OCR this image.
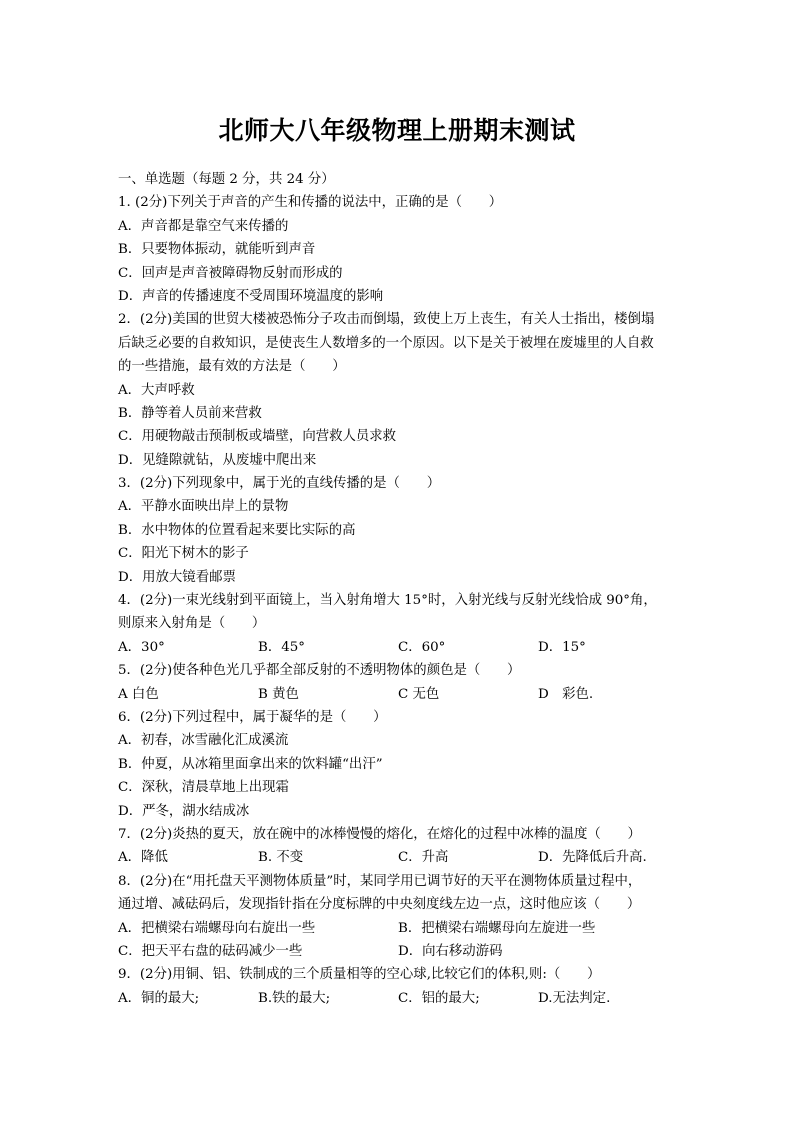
北师大八年级物理上册期末测试
一、单选题（每题 2 分，共 24 分）
1. (2分)下列关于声音的产生和传播的说法中，正确的是（　　）
A．声音都是靠空气来传播的
B．只要物体振动，就能听到声音
C．回声是声音被障碍物反射而形成的
D．声音的传播速度不受周围环境温度的影响
2．(2分)美国的世贸大楼被恐怖分子攻击而倒塌，致使上万上丧生，有关人士指出，楼倒塌
后缺乏必要的自救知识，是使丧生人数增多的一个原因。以下是关于被埋在废墟里的人自救
的一些措施，最有效的方法是（　　）
A．大声呼救
B．静等着人员前来营救
C．用硬物敲击预制板或墙壁，向营救人员求救
D．见缝隙就钻，从废墟中爬出来
3．(2分)下列现象中，属于光的直线传播的是（　　）
A．平静水面映出岸上的景物
B．水中物体的位置看起来要比实际的高
C．阳光下树木的影子
D．用放大镜看邮票
4．(2分)一束光线射到平面镜上，当入射角增大 15°时，入射光线与反射光线恰成 90°角，
则原来入射角是（　　）
A．30°	B．45°	C．60°	D．15°
5．(2分)使各种色光几乎都全部反射的不透明物体的颜色是（　　）
A 白色	B 黄色	C 无色	D　彩色.
6．(2分)下列过程中，属于凝华的是（　　）
A．初春，冰雪融化汇成溪流
B．仲夏，从冰箱里面拿出来的饮料罐“出汗”
C．深秋，清晨草地上出现霜
D．严冬，湖水结成冰
7．(2分)炎热的夏天，放在碗中的冰棒慢慢的熔化，在熔化的过程中冰棒的温度（　　）
A．降低	B. 不变	C．升高	D．先降低后升高.
8．(2分)在“用托盘天平测物体质量”时，某同学用已调节好的天平在测物体质量过程中，
通过增、减砝码后，发现指针指在分度标牌的中央刻度线左边一点，这时他应该（　　）
A．把横梁右端螺母向右旋出一些	B．把横梁右端螺母向左旋进一些
C．把天平右盘的砝码减少一些	D．向右移动游码
9．(2分)用铜、铝、铁制成的三个质量相等的空心球,比较它们的体积,则:（　　）
A．铜的最大;	B.铁的最大;	C．铝的最大;	D.无法判定.
